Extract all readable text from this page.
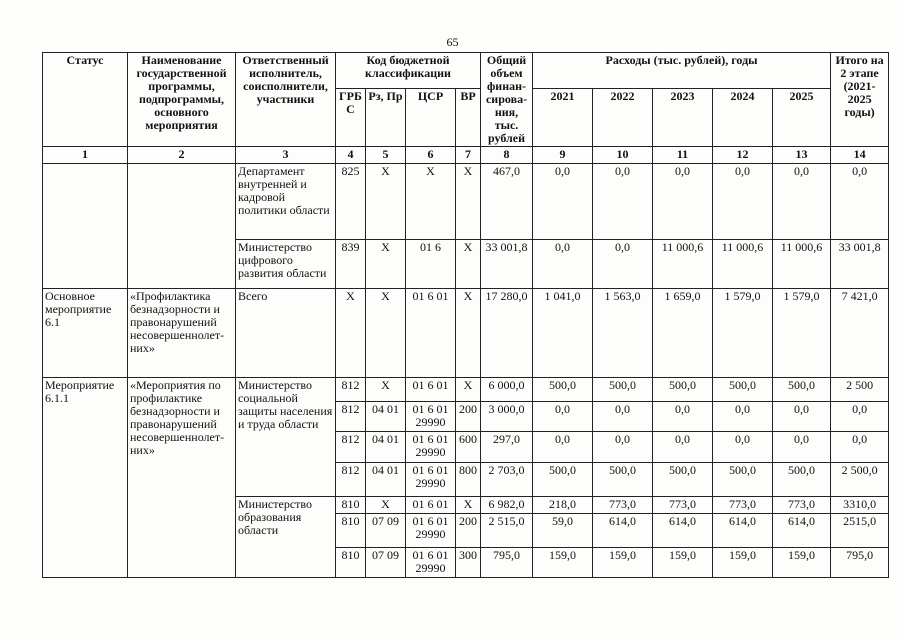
65
Статус	Наименование государственной программы, подпрограммы, основного мероприятия	Ответственный исполнитель, соисполнители, участники	Код бюджетной классификации				Общий объем финан-сирова-ния, тыс. рублей	Расходы (тыс. рублей), годы					Итого на 2 этапе (2021-2025 годы)
			ГРБ С	Рз, Пр	ЦСР	ВР		2021	2022	2023	2024	2025	
1	2	3	4	5	6	7	8	9	10	11	12	13	14
		Департамент внутренней и кадровой политики области	825	X	X	X	467,0	0,0	0,0	0,0	0,0	0,0	0,0
		Министерство цифрового развития области	839	X	01 6	X	33 001,8	0,0	0,0	11 000,6	11 000,6	11 000,6	33 001,8
Основное мероприятие 6.1	«Профилактика безнадзорности и правонарушений несовершеннолет-них»	Всего	X	X	01 6 01	X	17 280,0	1 041,0	1 563,0	1 659,0	1 579,0	1 579,0	7 421,0
Мероприятие 6.1.1	«Мероприятия по профилактике безнадзорности и правонарушений несовершеннолет-них»	Министерство социальной защиты населения и труда области	812	X	01 6 01	X	6 000,0	500,0	500,0	500,0	500,0	500,0	2 500
			812	04 01	01 6 01 29990	200	3 000,0	0,0	0,0	0,0	0,0	0,0	0,0
			812	04 01	01 6 01 29990	600	297,0	0,0	0,0	0,0	0,0	0,0	0,0
			812	04 01	01 6 01 29990	800	2 703,0	500,0	500,0	500,0	500,0	500,0	2 500,0
		Министерство образования области	810	X	01 6 01	X	6 982,0	218,0	773,0	773,0	773,0	773,0	3310,0
			810	07 09	01 6 01 29990	200	2 515,0	59,0	614,0	614,0	614,0	614,0	2515,0
			810	07 09	01 6 01 29990	300	795,0	159,0	159,0	159,0	159,0	159,0	795,0
